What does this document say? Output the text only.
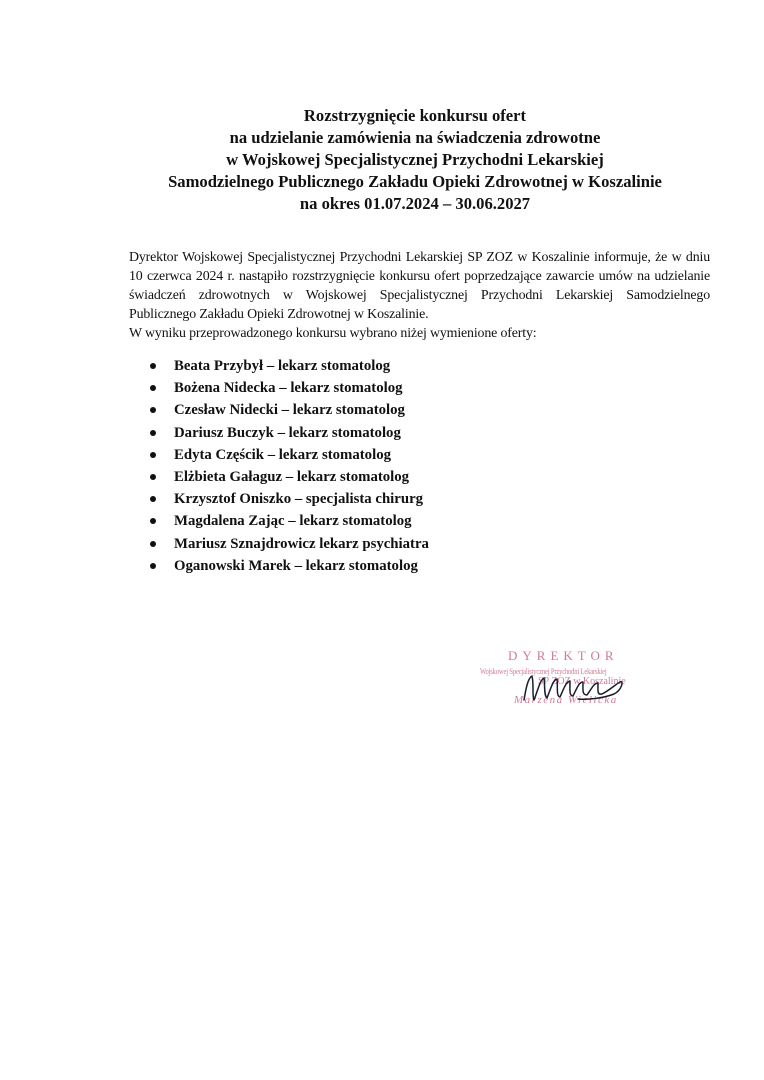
Rozstrzygnięcie konkursu ofert
na udzielanie zamówienia na świadczenia zdrowotne
w Wojskowej Specjalistycznej Przychodni Lekarskiej
Samodzielnego Publicznego Zakładu Opieki Zdrowotnej w Koszalinie
na okres 01.07.2024 – 30.06.2027

Dyrektor Wojskowej Specjalistycznej Przychodni Lekarskiej SP ZOZ w Koszalinie informuje, że w dniu 10 czerwca 2024 r. nastąpiło rozstrzygnięcie konkursu ofert poprzedzające zawarcie umów na udzielanie świadczeń zdrowotnych w Wojskowej Specjalistycznej Przychodni Lekarskiej Samodzielnego Publicznego Zakładu Opieki Zdrowotnej w Koszalinie.

W wyniku przeprowadzonego konkursu wybrano niżej wymienione oferty:

Beata Przybył – lekarz stomatolog
Bożena Nidecka – lekarz stomatolog
Czesław Nidecki – lekarz stomatolog
Dariusz Buczyk – lekarz stomatolog
Edyta Częścik – lekarz stomatolog
Elżbieta Gałaguz – lekarz stomatolog
Krzysztof Oniszko – specjalista chirurg
Magdalena Zając – lekarz stomatolog
Mariusz Sznajdrowicz lekarz psychiatra
Oganowski Marek – lekarz stomatolog
DYREKTOR
Wojskowej Specjalistycznej Przychodni Lekarskiej
SP ZOZ w Koszalinie
Marzena Wielicka
